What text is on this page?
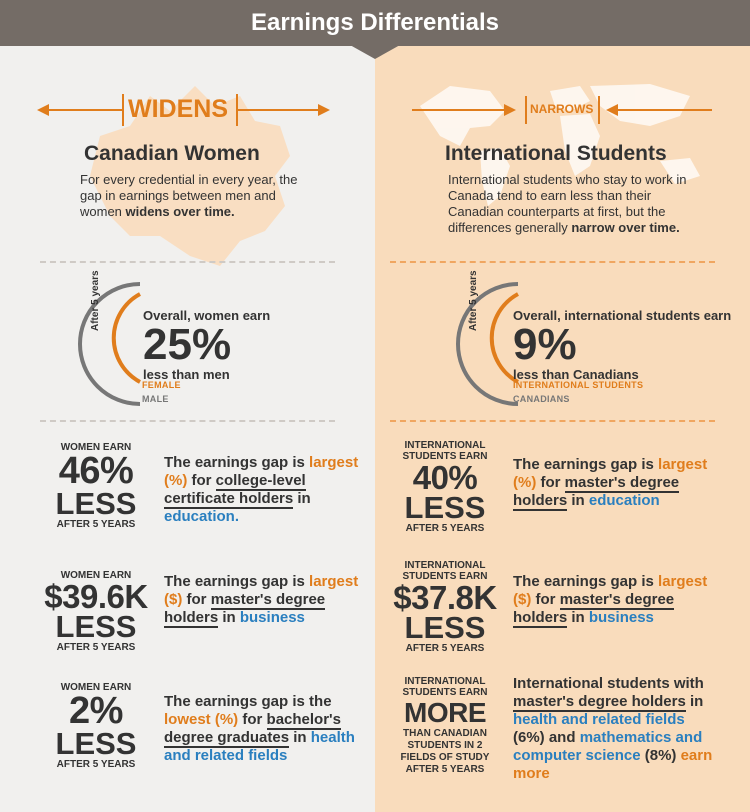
Earnings Differentials
WIDENS
Canadian Women
For every credential in every year, the gap in earnings between men and women widens over time.
After 5 years	Overall, women earn
25%
less than men
FEMALE
MALE
WOMEN EARN
46%
LESS
AFTER 5 YEARS
The earnings gap is largest (%) for college-level certificate holders in education.
WOMEN EARN
$39.6K
LESS
AFTER 5 YEARS
The earnings gap is largest ($) for master's degree holders in business
WOMEN EARN
2%
LESS
AFTER 5 YEARS
The earnings gap is the lowest (%) for bachelor's degree graduates in health and related fields
NARROWS
International Students
International students who stay to work in Canada tend to earn less than their Canadian counterparts at first, but the differences generally narrow over time.
After 5 years	Overall, international students earn
9%
less than Canadians
INTERNATIONAL STUDENTS
CANADIANS
INTERNATIONAL
STUDENTS EARN
40%
LESS
AFTER 5 YEARS
The earnings gap is largest (%) for master's degree holders in education
INTERNATIONAL
STUDENTS EARN
$37.8K
LESS
AFTER 5 YEARS
The earnings gap is largest ($) for master's degree holders in business
INTERNATIONAL
STUDENTS EARN
MORE
THAN CANADIAN
STUDENTS IN 2
FIELDS OF STUDY
AFTER 5 YEARS
International students with master's degree holders in health and related fields (6%) and mathematics and computer science (8%) earn more
